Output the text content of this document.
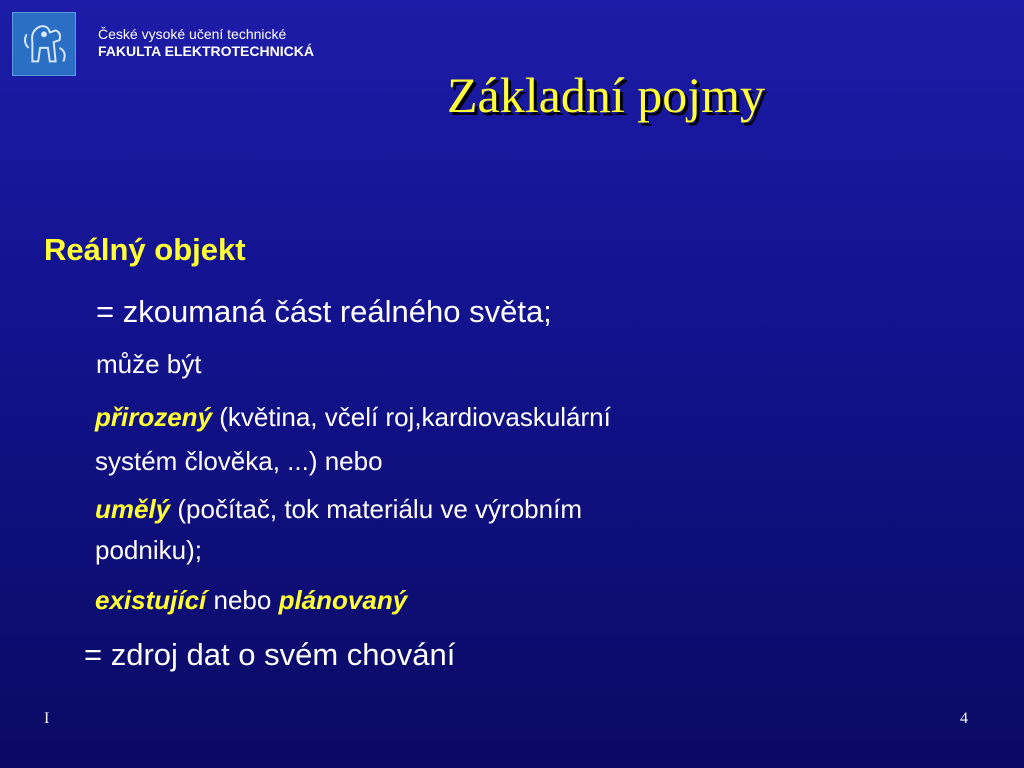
České vysoké učení technické
FAKULTA ELEKTROTECHNICKÁ
Základní pojmy
Reálný objekt
= zkoumaná část reálného světa;
může být
přirozený (květina, včelí roj,kardiovaskulární
systém člověka, ...) nebo
umělý (počítač, tok materiálu ve výrobním
podniku);
existující nebo plánovaný
= zdroj dat o svém chování
I	4
